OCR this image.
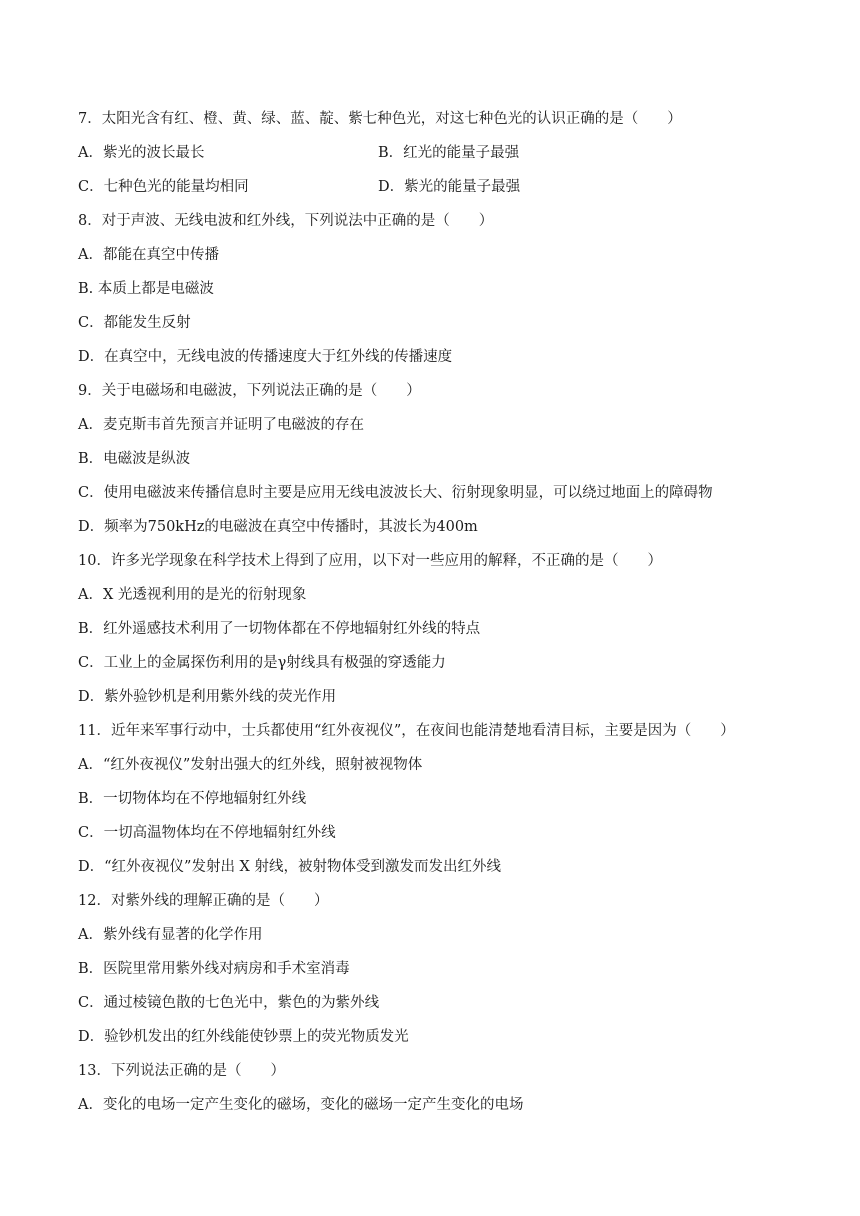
7．太阳光含有红、橙、黄、绿、蓝、靛、紫七种色光，对这七种色光的认识正确的是（　　）
A．紫光的波长最长	B．红光的能量子最强
C．七种色光的能量均相同	D．紫光的能量子最强
8．对于声波、无线电波和红外线，下列说法中正确的是（　　）
A．都能在真空中传播
B. 本质上都是电磁波
C．都能发生反射
D．在真空中，无线电波的传播速度大于红外线的传播速度
9．关于电磁场和电磁波，下列说法正确的是（　　）
A．麦克斯韦首先预言并证明了电磁波的存在
B．电磁波是纵波
C．使用电磁波来传播信息时主要是应用无线电波波长大、衍射现象明显，可以绕过地面上的障碍物
D．频率为750kHz的电磁波在真空中传播时，其波长为400m
10．许多光学现象在科学技术上得到了应用，以下对一些应用的解释，不正确的是（　　）
A．X 光透视利用的是光的衍射现象
B．红外遥感技术利用了一切物体都在不停地辐射红外线的特点
C．工业上的金属探伤利用的是γ射线具有极强的穿透能力
D．紫外验钞机是利用紫外线的荧光作用
11．近年来军事行动中，士兵都使用“红外夜视仪”，在夜间也能清楚地看清目标，主要是因为（　　）
A．“红外夜视仪”发射出强大的红外线，照射被视物体
B．一切物体均在不停地辐射红外线
C．一切高温物体均在不停地辐射红外线
D．“红外夜视仪”发射出 X 射线，被射物体受到激发而发出红外线
12．对紫外线的理解正确的是（　　）
A．紫外线有显著的化学作用
B．医院里常用紫外线对病房和手术室消毒
C．通过棱镜色散的七色光中，紫色的为紫外线
D．验钞机发出的红外线能使钞票上的荧光物质发光
13．下列说法正确的是（　　）
A．变化的电场一定产生变化的磁场，变化的磁场一定产生变化的电场
